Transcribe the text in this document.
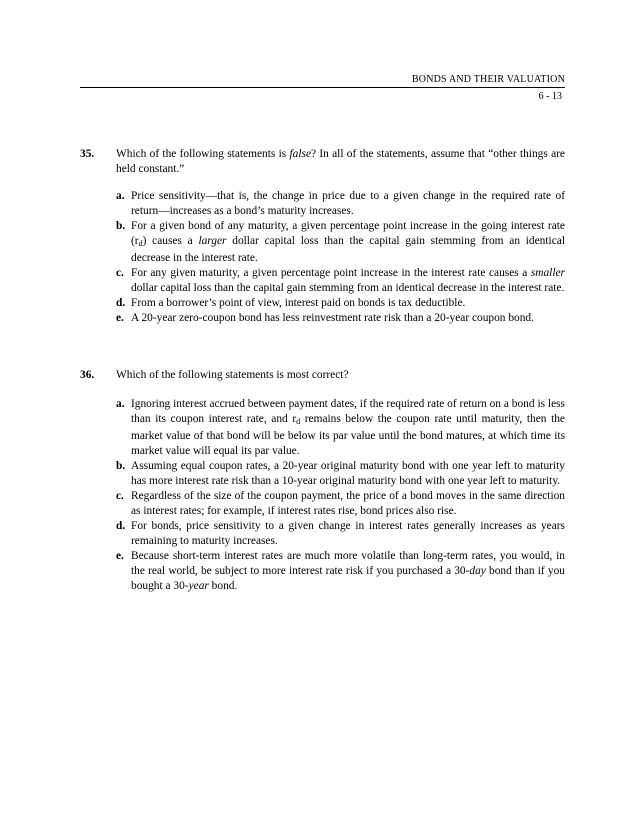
BONDS AND THEIR VALUATION
6 - 13
35. Which of the following statements is false? In all of the statements, assume that “other things are held constant.”
a. Price sensitivity—that is, the change in price due to a given change in the required rate of return—increases as a bond’s maturity increases.
b. For a given bond of any maturity, a given percentage point increase in the going interest rate $(r_d)$ causes a larger dollar capital loss than the capital gain stemming from an identical decrease in the interest rate.
c. For any given maturity, a given percentage point increase in the interest rate causes a smaller dollar capital loss than the capital gain stemming from an identical decrease in the interest rate.
d. From a borrower’s point of view, interest paid on bonds is tax deductible.
e. A 20-year zero-coupon bond has less reinvestment rate risk than a 20-year coupon bond.
36. Which of the following statements is most correct?
a. Ignoring interest accrued between payment dates, if the required rate of return on a bond is less than its coupon interest rate, and $r_d$ remains below the coupon rate until maturity, then the market value of that bond will be below its par value until the bond matures, at which time its market value will equal its par value.
b. Assuming equal coupon rates, a 20-year original maturity bond with one year left to maturity has more interest rate risk than a 10-year original maturity bond with one year left to maturity.
c. Regardless of the size of the coupon payment, the price of a bond moves in the same direction as interest rates; for example, if interest rates rise, bond prices also rise.
d. For bonds, price sensitivity to a given change in interest rates generally increases as years remaining to maturity increases.
e. Because short-term interest rates are much more volatile than long-term rates, you would, in the real world, be subject to more interest rate risk if you purchased a 30-day bond than if you bought a 30-year bond.
